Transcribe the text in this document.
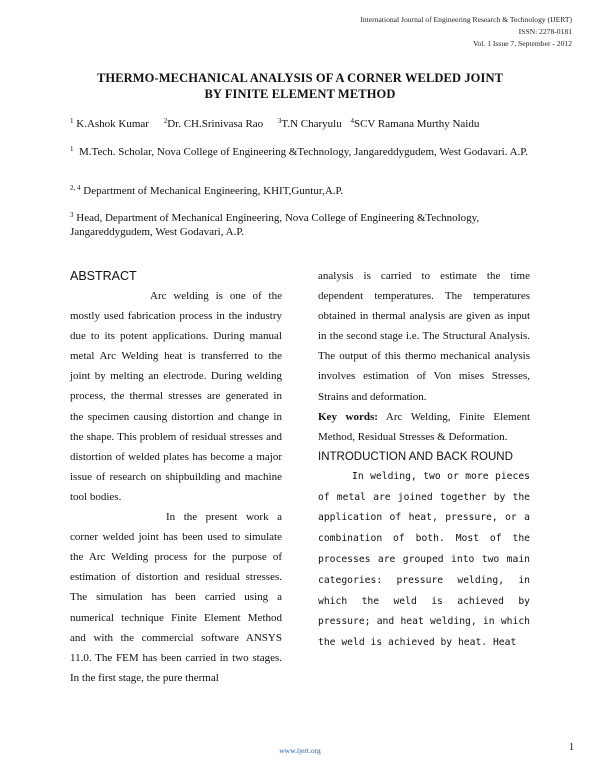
International Journal of Engineering Research & Technology (IJERT)
ISSN: 2278-0181
Vol. 1 Issue 7, September - 2012
THERMO-MECHANICAL ANALYSIS OF A CORNER WELDED JOINT
BY FINITE ELEMENT METHOD
$^1$ K.Ashok Kumar $^2$Dr. CH.Srinivasa Rao $^3$T.N Charyulu $^4$SCV Ramana Murthy Naidu
$^1$ M.Tech. Scholar, Nova College of Engineering &Technology, Jangareddygudem, West Godavari. A.P.
$^{2, 4}$ Department of Mechanical Engineering, KHIT,Guntur,A.P.
$^3$ Head, Department of Mechanical Engineering, Nova College of Engineering &Technology, Jangareddygudem, West Godavari, A.P.
ABSTRACT

Arc welding is one of the mostly used fabrication process in the industry due to its potent applications. During manual metal Arc Welding heat is transferred to the joint by melting an electrode. During welding process, the thermal stresses are generated in the specimen causing distortion and change in the shape. This problem of residual stresses and distortion of welded plates has become a major issue of research on shipbuilding and machine tool bodies.

In the present work a corner welded joint has been used to simulate the Arc Welding process for the purpose of estimation of distortion and residual stresses. The simulation has been carried using a numerical technique Finite Element Method and with the commercial software ANSYS 11.0. The FEM has been carried in two stages. In the first stage, the pure thermal

analysis is carried to estimate the time dependent temperatures. The temperatures obtained in thermal analysis are given as input in the second stage i.e. The Structural Analysis. The output of this thermo mechanical analysis involves estimation of Von mises Stresses, Strains and deformation.

Key words: Arc Welding, Finite Element Method, Residual Stresses & Deformation.

INTRODUCTION AND BACK ROUND

In welding, two or more pieces of metal are joined together by the application of heat, pressure, or a combination of both. Most of the processes are grouped into two main categories: pressure welding, in which the weld is achieved by pressure; and heat welding, in which the weld is achieved by heat. Heat

www.ijert.org	1
